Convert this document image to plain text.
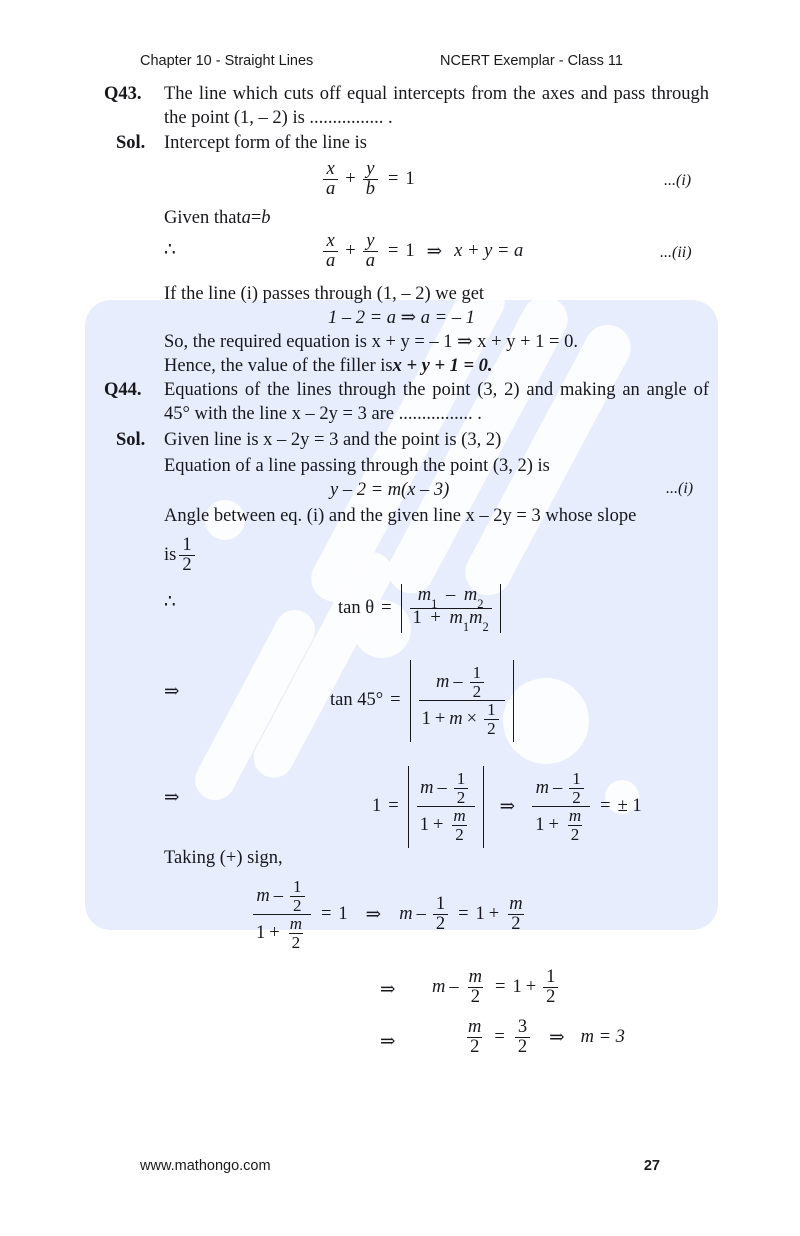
Chapter 10 - Straight Lines	NCERT Exemplar - Class 11
Q43.	The line which cuts off equal intercepts from the axes and pass through the point (1, – 2) is ................ .
Sol.	Intercept form of the line is
$\frac{x}{a} + \frac{y}{b} = 1$	...(i)
Given that a = b
∴	$\frac{x}{a} + \frac{y}{a} = 1$ ⇒ x + y = a	...(ii)
If the line (i) passes through (1, – 2) we get
1 – 2 = a ⇒ a = – 1
So, the required equation is x + y = – 1 ⇒ x + y + 1 = 0.
Hence, the value of the filler is x + y + 1 = 0.
Q44.	Equations of the lines through the point (3, 2) and making an angle of 45° with the line x – 2y = 3 are ................ .
Sol.	Given line is x – 2y = 3 and the point is (3, 2)
Equation of a line passing through the point (3, 2) is
y – 2 = m(x – 3)	...(i)
Angle between eq. (i) and the given line x – 2y = 3 whose slope
is $\frac{1}{2}$
∴	$\tan \theta = \frac{m_1 - m_2}{1 + m_1m_2}$
⇒	tan 45° =
m – $\frac{1}{2}$
$1 + m \times \frac{1}{2}$
⇒	$1 = \frac{m - \frac{1}{2}}{1 + \frac{m}{2}}$ ⇒ $\frac{m - \frac{1}{2}}{1 + \frac{m}{2}}$ = ± 1
Taking (+) sign,
$\frac{m - \frac{1}{2}}{1 + \frac{m}{2}} = 1$ ⇒ $m - \frac{1}{2} = 1 + \frac{m}{2}$
⇒ $m - \frac{m}{2} = 1 + \frac{1}{2}$
⇒	$\frac{m}{2} = \frac{3}{2}$ ⇒ m = 3
www.mathongo.com	27
